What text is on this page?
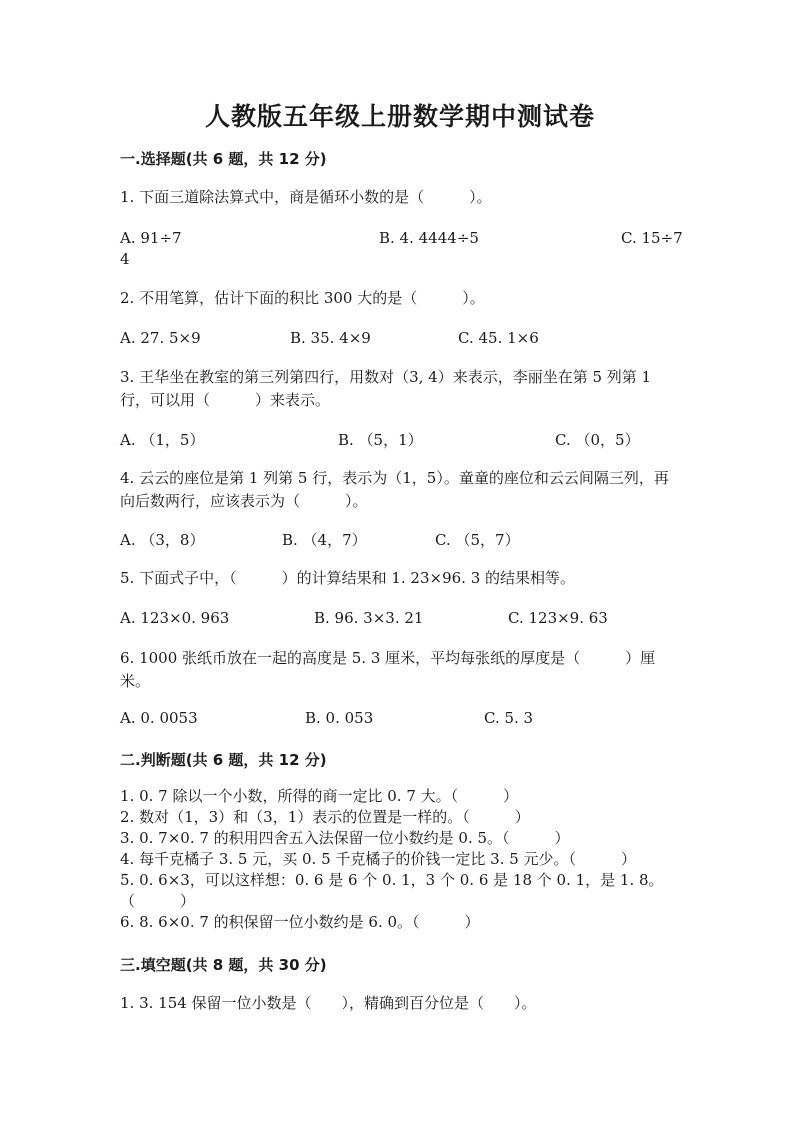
人教版五年级上册数学期中测试卷
一.选择题(共 6 题，共 12 分)
1. 下面三道除法算式中，商是循环小数的是（　　　）。
A. 91÷7	B. 4. 4444÷5	C. 15÷7
4
2. 不用笔算，估计下面的积比 300 大的是（　　　）。
A. 27. 5×9	B. 35. 4×9	C. 45. 1×6
3. 王华坐在教室的第三列第四行，用数对（3, 4）来表示，李丽坐在第 5 列第 1 行，可以用（　　　）来表示。
A. （1，5）	B. （5，1）	C. （0，5）
4. 云云的座位是第 1 列第 5 行，表示为（1，5）。童童的座位和云云间隔三列，再向后数两行，应该表示为（　　　）。
A. （3，8）	B. （4，7）	C. （5，7）
5. 下面式子中，（　　　）的计算结果和 1. 23×96. 3 的结果相等。
A. 123×0. 963	B. 96. 3×3. 21	C. 123×9. 63
6. 1000 张纸币放在一起的高度是 5. 3 厘米，平均每张纸的厚度是（　　　）厘米。
A. 0. 0053	B. 0. 053	C. 5. 3
二.判断题(共 6 题，共 12 分)
1. 0. 7 除以一个小数，所得的商一定比 0. 7 大。（　　　）
2. 数对（1，3）和（3，1）表示的位置是一样的。（　　　）
3. 0. 7×0. 7 的积用四舍五入法保留一位小数约是 0. 5。（　　　）
4. 每千克橘子 3. 5 元，买 0. 5 千克橘子的价钱一定比 3. 5 元少。（　　　）
5. 0. 6×3，可以这样想：0. 6 是 6 个 0. 1，3 个 0. 6 是 18 个 0. 1，是 1. 8。（　　　）
6. 8. 6×0. 7 的积保留一位小数约是 6. 0。（　　　）
三.填空题(共 8 题，共 30 分)
1. 3. 154 保留一位小数是（　　），精确到百分位是（　　）。
